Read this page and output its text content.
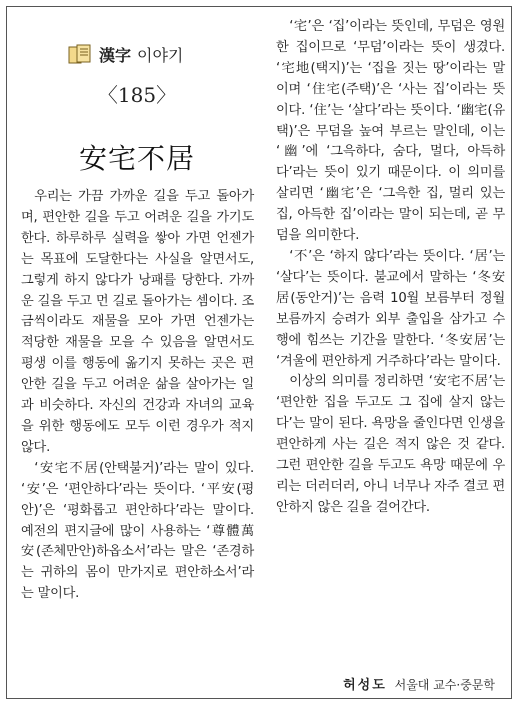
漢字 이야기
〈185〉
安宅不居

우리는 가끔 가까운 길을 두고 돌아가며, 편안한 길을 두고 어려운 길을 가기도 한다. 하루하루 실력을 쌓아 가면 언젠가는 목표에 도달한다는 사실을 알면서도, 그렇게 하지 않다가 낭패를 당한다. 가까운 길을 두고 먼 길로 돌아가는 셈이다. 조금씩이라도 재물을 모아 가면 언젠가는 적당한 재물을 모을 수 있음을 알면서도 평생 이를 행동에 옮기지 못하는 곳은 편안한 길을 두고 어려운 삶을 살아가는 일과 비슷하다. 자신의 건강과 자녀의 교육을 위한 행동에도 모두 이런 경우가 적지 않다.

‘安宅不居(안택불거)’라는 말이 있다. ‘安’은 ‘편안하다’라는 뜻이다. ‘平安(평안)’은 ‘평화롭고 편안하다’라는 말이다. 예전의 편지글에 많이 사용하는 ‘尊體萬安(존체만안)하옵소서’라는 말은 ‘존경하는 귀하의 몸이 만가지로 편안하소서’라는 말이다.

‘宅’은 ‘집’이라는 뜻인데, 무덤은 영원한 집이므로 ‘무덤’이라는 뜻이 생겼다. ‘宅地(택지)’는 ‘집을 짓는 땅’이라는 말이며 ‘住宅(주택)’은 ‘사는 집’이라는 뜻이다. ‘住’는 ‘살다’라는 뜻이다. ‘幽宅(유택)’은 무덤을 높여 부르는 말인데, 이는 ‘幽’에 ‘그윽하다, 숨다, 멀다, 아득하다’라는 뜻이 있기 때문이다. 이 의미를 살리면 ‘幽宅’은 ‘그윽한 집, 멀리 있는 집, 아득한 집’이라는 말이 되는데, 곧 무덤을 의미한다.

‘不’은 ‘하지 않다’라는 뜻이다. ‘居’는 ‘살다’는 뜻이다. 불교에서 말하는 ‘冬安居(동안거)’는 음력 10월 보름부터 정월 보름까지 승려가 외부 출입을 삼가고 수행에 힘쓰는 기간을 말한다. ‘冬安居’는 ‘겨울에 편안하게 거주하다’라는 말이다.

이상의 의미를 정리하면 ‘安宅不居’는 ‘편안한 집을 두고도 그 집에 살지 않는다’는 말이 된다. 욕망을 줄인다면 인생을 편안하게 사는 길은 적지 않은 것 같다. 그런 편안한 길을 두고도 욕망 때문에 우리는 더러더러, 아니 너무나 자주 결코 편안하지 않은 길을 걸어간다.

허성도 서울대 교수·중문학
